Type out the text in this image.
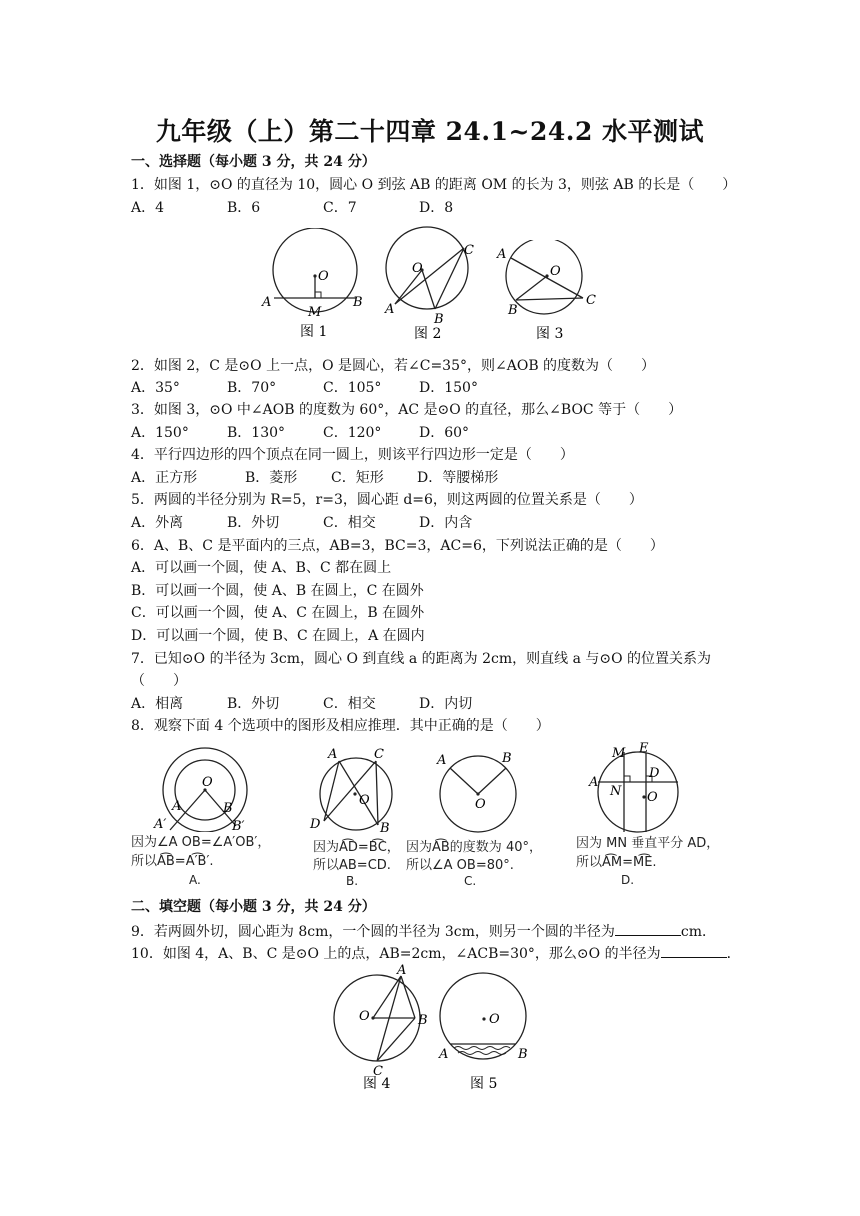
九年级（上）第二十四章 24.1~24.2 水平测试
一、选择题（每小题 3 分，共 24 分）
1．如图 1，⊙O 的直径为 10，圆心 O 到弦 AB 的距离 OM 的长为 3，则弦 AB 的长是（　　）
A．4	B．6	C．7	D．8
O
A
M
B
图 1
O
C
A
B
图 2
A
O
B
C
图 3
2．如图 2，C 是⊙O 上一点，O 是圆心，若∠C=35°，则∠AOB 的度数为（　　）
A．35°	B．70°	C．105°	D．150°
3．如图 3，⊙O 中∠AOB 的度数为 60°，AC 是⊙O 的直径，那么∠BOC 等于（　　）
A．150°	B．130°	C．120°	D．60°
4．平行四边形的四个顶点在同一圆上，则该平行四边形一定是（　　）
A．正方形	B．菱形	C．矩形	D．等腰梯形
5．两圆的半径分别为 R=5，r=3，圆心距 d=6，则这两圆的位置关系是（　　）
A．外离	B．外切	C．相交	D．内含
6．A、B、C 是平面内的三点，AB=3，BC=3，AC=6，下列说法正确的是（　　）
A．可以画一个圆，使 A、B、C 都在圆上
B．可以画一个圆，使 A、B 在圆上，C 在圆外
C．可以画一个圆，使 A、C 在圆上，B 在圆外
D．可以画一个圆，使 B、C 在圆上，A 在圆内
7．已知⊙O 的半径为 3cm，圆心 O 到直线 a 的距离为 2cm，则直线 a 与⊙O 的位置关系为
（　　）
A．相离	B．外切	C．相交	D．内切
8．观察下面 4 个选项中的图形及相应推理．其中正确的是（　　）
O
A	B
A′	B′
因为∠A OB=∠A′OB′，
所以A͡B=A′͡B′.
A.
A	C
O
D	B
因为A͡D=B͡C，
所以AB=CD.
B.
A	B
O
因为A͡B的度数为 40°，
所以∠A OB=80°.
C.
M E
A
D
N O
因为 MN 垂直平分 AD，
所以A͡M=M͡E.
D.
二、填空题（每小题 3 分，共 24 分）
9．若两圆外切，圆心距为 8cm，一个圆的半径为 3cm，则另一个圆的半径为	cm．
10．如图 4，A、B、C 是⊙O 上的点，AB=2cm，∠ACB=30°，那么⊙O 的半径为	．
A
O	B
C
图 4
O
A	B
图 5
